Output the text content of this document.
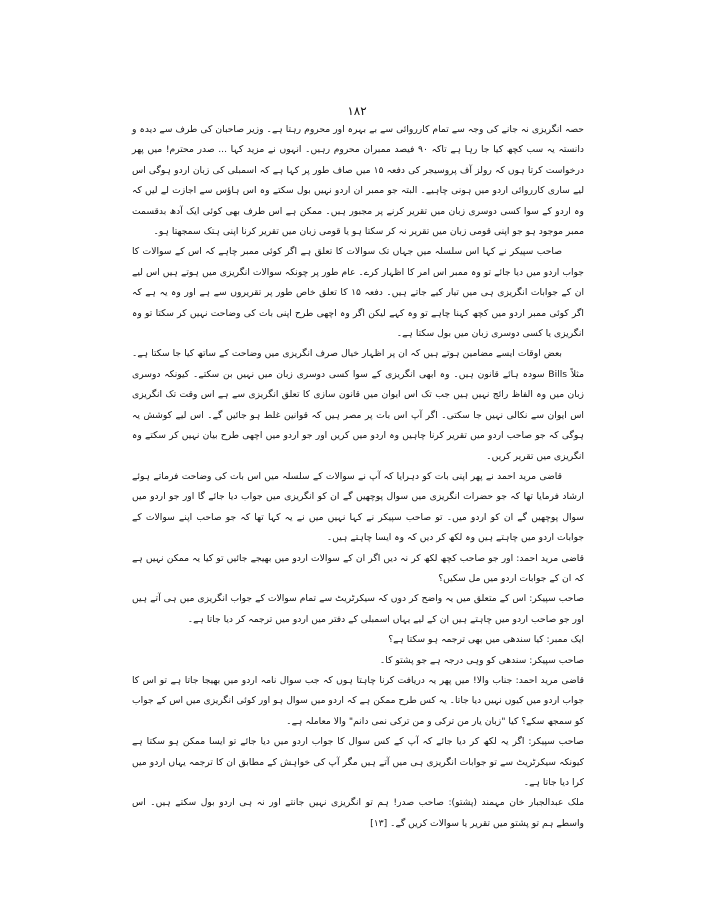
۱۸۲

حصہ انگریزی نہ جانے کی وجہ سے تمام کارروائی سے بے بہرہ اور محروم رہتا ہے۔ وزیر صاحبان کی طرف سے دیدہ و دانستہ یہ سب کچھ کیا جا رہا ہے تاکہ ۹۰ فیصد ممبران محروم رہیں۔ انہوں نے مزید کہا ... صدر محترم! میں پھر درخواست کرتا ہوں کہ رولز آف پروسیجر کی دفعہ ۱۵ میں صاف طور پر کہا ہے کہ اسمبلی کی زبان اردو ہوگی اس لیے ساری کارروائی اردو میں ہونی چاہیے۔ البتہ جو ممبر ان اردو نہیں بول سکتے وہ اس ہاؤس سے اجازت لے لیں کہ وہ اردو کے سوا کسی دوسری زبان میں تقریر کرنے پر مجبور ہیں۔ ممکن ہے اس طرف بھی کوئی ایک آدھ بدقسمت ممبر موجود ہو جو اپنی قومی زبان میں تقریر نہ کر سکتا ہو یا قومی زبان میں تقریر کرنا اپنی ہتک سمجھتا ہو۔

صاحب سپیکر نے کہا اس سلسلہ میں جہاں تک سوالات کا تعلق ہے اگر کوئی ممبر چاہے کہ اس کے سوالات کا جواب اردو میں دیا جائے تو وہ ممبر اس امر کا اظہار کرے۔ عام طور پر چونکہ سوالات انگریزی میں ہوتے ہیں اس لیے ان کے جوابات انگریزی ہی میں تیار کیے جاتے ہیں۔ دفعہ ۱۵ کا تعلق خاص طور پر تقریروں سے ہے اور وہ یہ ہے کہ اگر کوئی ممبر اردو میں کچھ کہنا چاہے تو وہ کہے لیکن اگر وہ اچھی طرح اپنی بات کی وضاحت نہیں کر سکتا تو وہ انگریزی یا کسی دوسری زبان میں بول سکتا ہے۔

بعض اوقات ایسے مضامین ہوتے ہیں کہ ان پر اظہار خیال صرف انگریزی میں وضاحت کے ساتھ کیا جا سکتا ہے۔ مثلاً Bills سودہ ہائے قانون ہیں۔ وہ ابھی انگریزی کے سوا کسی دوسری زبان میں نہیں بن سکتے۔ کیونکہ دوسری زبان میں وہ الفاظ رائج نہیں ہیں جب تک اس ایوان میں قانون سازی کا تعلق انگریزی سے ہے اس وقت تک انگریزی اس ایوان سے نکالی نہیں جا سکتی۔ اگر آپ اس بات پر مصر ہیں کہ قوانین غلط ہو جائیں گے۔ اس لیے کوشش یہ ہوگی کہ جو صاحب اردو میں تقریر کرنا چاہیں وہ اردو میں کریں اور جو اردو میں اچھی طرح بیان نہیں کر سکتے وہ انگریزی میں تقریر کریں۔

قاضی مرید احمد نے پھر اپنی بات کو دہرایا کہ آپ نے سوالات کے سلسلہ میں اس بات کی وضاحت فرماتے ہوئے ارشاد فرمایا تھا کہ جو حضرات انگریزی میں سوال پوچھیں گے ان کو انگریزی میں جواب دیا جائے گا اور جو اردو میں سوال پوچھیں گے ان کو اردو میں۔ تو صاحب سپیکر نے کہا نہیں میں نے یہ کہا تھا کہ جو صاحب اپنے سوالات کے جوابات اردو میں چاہتے ہیں وہ لکھ کر دیں کہ وہ ایسا چاہتے ہیں۔

قاضی مرید احمد: اور جو صاحب کچھ لکھ کر نہ دیں اگر ان کے سوالات اردو میں بھیجے جائیں تو کیا یہ ممکن نہیں ہے کہ ان کے جوابات اردو میں مل سکیں؟

صاحب سپیکر: اس کے متعلق میں یہ واضح کر دوں کہ سیکرٹریٹ سے تمام سوالات کے جواب انگریزی میں ہی آتے ہیں اور جو صاحب اردو میں چاہتے ہیں ان کے لیے یہاں اسمبلی کے دفتر میں اردو میں ترجمہ کر دیا جاتا ہے۔

ایک ممبر: کیا سندھی میں بھی ترجمہ ہو سکتا ہے؟

صاحب سپیکر: سندھی کو وہی درجہ ہے جو پشتو کا۔

قاضی مرید احمد: جناب والا! میں پھر یہ دریافت کرنا چاہتا ہوں کہ جب سوال نامہ اردو میں بھیجا جاتا ہے تو اس کا جواب اردو میں کیوں نہیں دیا جاتا۔ یہ کس طرح ممکن ہے کہ اردو میں سوال ہو اور کوئی انگریزی میں اس کے جواب کو سمجھ سکے؟ کیا "زبان یار من ترکی و من ترکی نمی دانم" والا معاملہ ہے۔

صاحب سپیکر: اگر یہ لکھ کر دیا جائے کہ آپ کے کس سوال کا جواب اردو میں دیا جائے تو ایسا ممکن ہو سکتا ہے کیونکہ سیکرٹریٹ سے تو جوابات انگریزی ہی میں آتے ہیں مگر آپ کی خواہش کے مطابق ان کا ترجمہ یہاں اردو میں کرا دیا جاتا ہے۔

ملک عبدالجبار خان مہمند (پشتو): صاحب صدر! ہم تو انگریزی نہیں جانتے اور نہ ہی اردو بول سکتے ہیں۔ اس واسطے ہم تو پشتو میں تقریر یا سوالات کریں گے۔ [۱۳]
